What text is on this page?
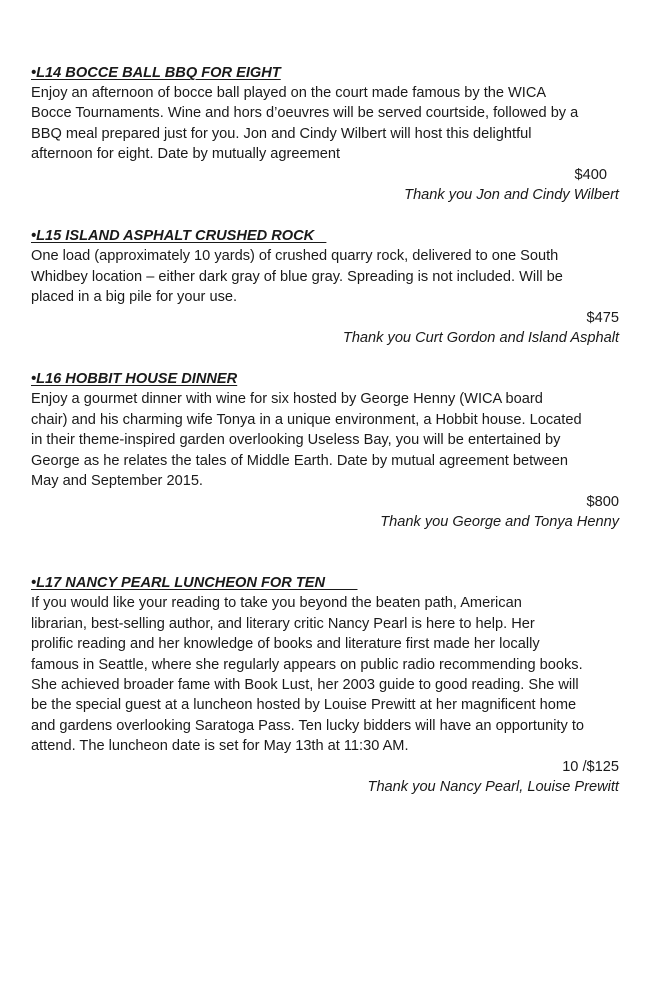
•L14 BOCCE BALL BBQ FOR EIGHT

Enjoy an afternoon of bocce ball played on the court made famous by the WICA
Bocce Tournaments. Wine and hors d’oeuvres will be served courtside, followed by a
BBQ meal prepared just for you. Jon and Cindy Wilbert will host this delightful
afternoon for eight. Date by mutually agreement

$400

Thank you Jon and Cindy Wilbert

•L15 ISLAND ASPHALT CRUSHED ROCK

One load (approximately 10 yards) of crushed quarry rock, delivered to one South
Whidbey location – either dark gray of blue gray. Spreading is not included. Will be
placed in a big pile for your use.

$475

Thank you Curt Gordon and Island Asphalt

•L16 HOBBIT HOUSE DINNER

Enjoy a gourmet dinner with wine for six hosted by George Henny (WICA board
chair) and his charming wife Tonya in a unique environment, a Hobbit house. Located
in their theme-inspired garden overlooking Useless Bay, you will be entertained by
George as he relates the tales of Middle Earth. Date by mutual agreement between
May and September 2015.

$800

Thank you George and Tonya Henny

•L17 NANCY PEARL LUNCHEON FOR TEN

If you would like your reading to take you beyond the beaten path, American
librarian, best-selling author, and literary critic Nancy Pearl is here to help. Her
prolific reading and her knowledge of books and literature first made her locally
famous in Seattle, where she regularly appears on public radio recommending books.
She achieved broader fame with Book Lust, her 2003 guide to good reading. She will
be the special guest at a luncheon hosted by Louise Prewitt at her magnificent home
and gardens overlooking Saratoga Pass. Ten lucky bidders will have an opportunity to
attend. The luncheon date is set for May 13th at 11:30 AM.

10 /$125

Thank you Nancy Pearl, Louise Prewitt
